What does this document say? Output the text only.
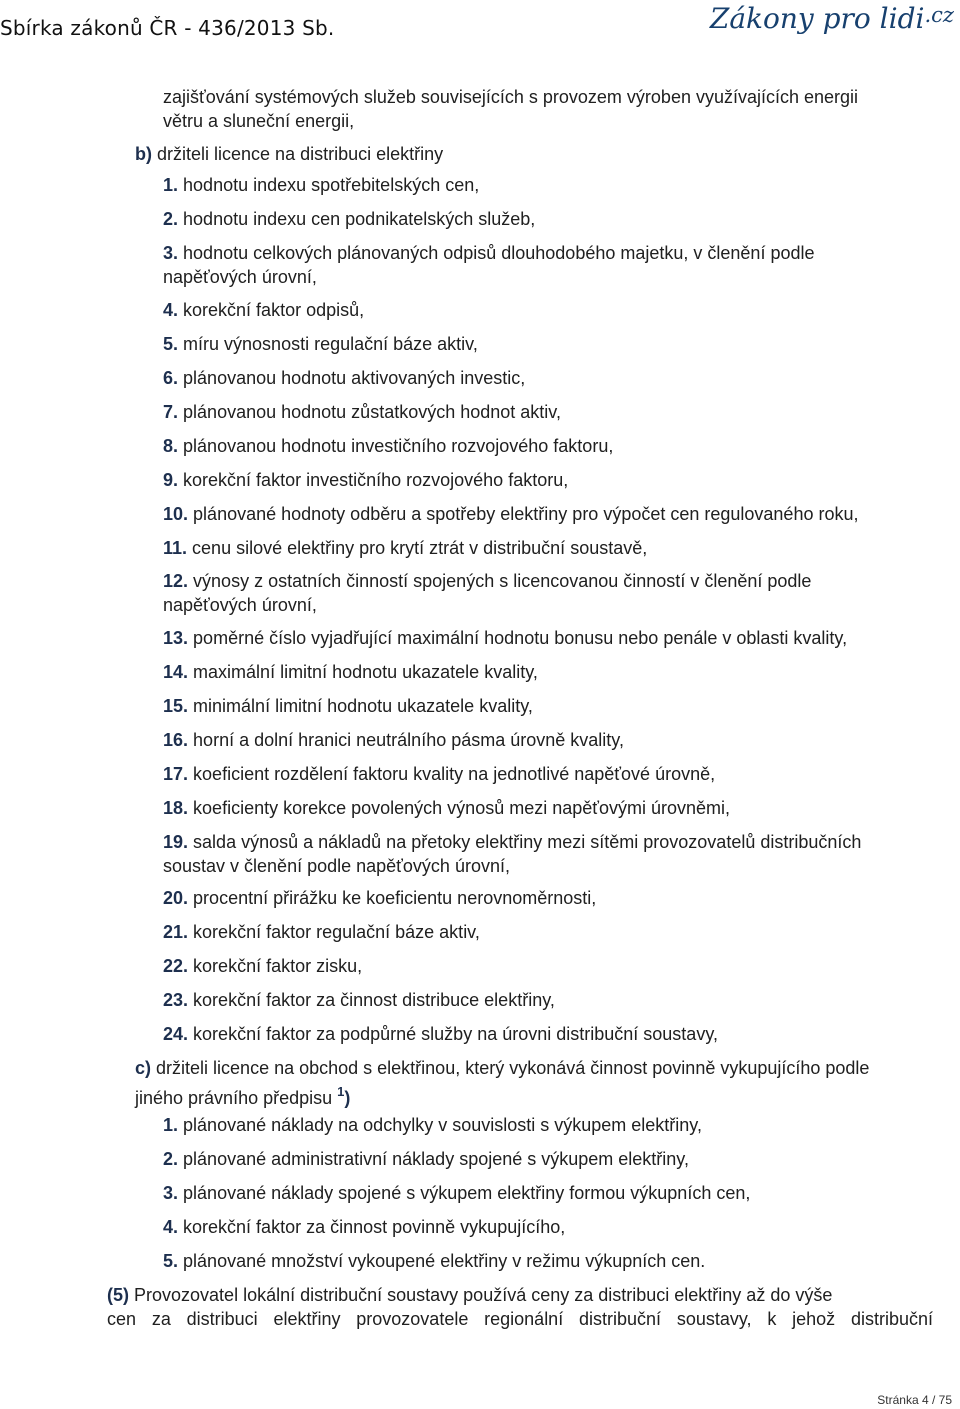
Sbírka zákonů ČR - 436/2013 Sb.	Zákony pro lidi$^{.cz}$
zajišťování systémových služeb souvisejících s provozem výroben využívajících energii
větru a sluneční energii,
b) držiteli licence na distribuci elektřiny
1. hodnotu indexu spotřebitelských cen,
2. hodnotu indexu cen podnikatelských služeb,
3. hodnotu celkových plánovaných odpisů dlouhodobého majetku, v členění podle
napěťových úrovní,
4. korekční faktor odpisů,
5. míru výnosnosti regulační báze aktiv,
6. plánovanou hodnotu aktivovaných investic,
7. plánovanou hodnotu zůstatkových hodnot aktiv,
8. plánovanou hodnotu investičního rozvojového faktoru,
9. korekční faktor investičního rozvojového faktoru,
10. plánované hodnoty odběru a spotřeby elektřiny pro výpočet cen regulovaného roku,
11. cenu silové elektřiny pro krytí ztrát v distribuční soustavě,
12. výnosy z ostatních činností spojených s licencovanou činností v členění podle
napěťových úrovní,
13. poměrné číslo vyjadřující maximální hodnotu bonusu nebo penále v oblasti kvality,
14. maximální limitní hodnotu ukazatele kvality,
15. minimální limitní hodnotu ukazatele kvality,
16. horní a dolní hranici neutrálního pásma úrovně kvality,
17. koeficient rozdělení faktoru kvality na jednotlivé napěťové úrovně,
18. koeficienty korekce povolených výnosů mezi napěťovými úrovněmi,
19. salda výnosů a nákladů na přetoky elektřiny mezi sítěmi provozovatelů distribučních
soustav v členění podle napěťových úrovní,
20. procentní přirážku ke koeficientu nerovnoměrnosti,
21. korekční faktor regulační báze aktiv,
22. korekční faktor zisku,
23. korekční faktor za činnost distribuce elektřiny,
24. korekční faktor za podpůrné služby na úrovni distribuční soustavy,
c) držiteli licence na obchod s elektřinou, který vykonává činnost povinně vykupujícího podle
jiného právního předpisu $^1$)
1. plánované náklady na odchylky v souvislosti s výkupem elektřiny,
2. plánované administrativní náklady spojené s výkupem elektřiny,
3. plánované náklady spojené s výkupem elektřiny formou výkupních cen,
4. korekční faktor za činnost povinně vykupujícího,
5. plánované množství vykoupené elektřiny v režimu výkupních cen.
(5) Provozovatel lokální distribuční soustavy používá ceny za distribuci elektřiny až do výše
cen za distribuci elektřiny provozovatele regionální distribuční soustavy, k jehož distribuční
Stránka 4 / 75
